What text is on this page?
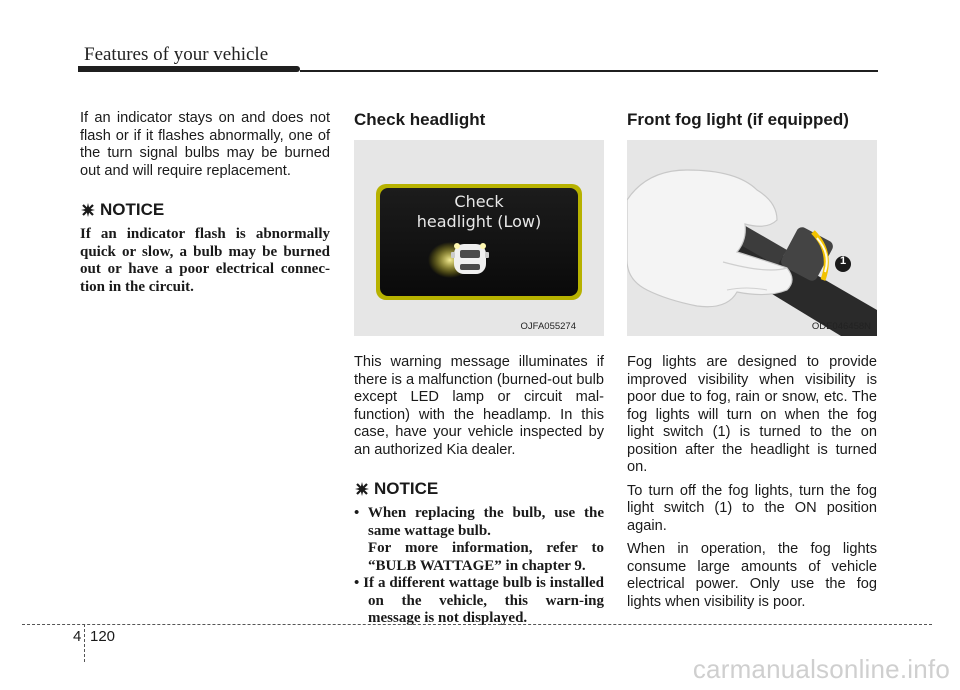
Features of your vehicle

If an indicator stays on and does not flash or if it flashes abnormally, one of the turn signal bulbs may be burned out and will require replacement.

NOTICE

If an indicator flash is abnormally quick or slow, a bulb may be burned out or have a poor electrical connec-tion in the circuit.

Check headlight
Check
headlight (Low)
OJFA055274

This warning message illuminates if there is a malfunction (burned-out bulb except LED lamp or circuit mal-function) with the headlamp. In this case, have your vehicle inspected by an authorized Kia dealer.

NOTICE
• When replacing the bulb, use the same wattage bulb.
For more information, refer to “BULB WATTAGE” in chapter 9.
• If a different wattage bulb is installed on the vehicle, this warn-ing message is not displayed.
Front fog light (if equipped)
1
ODE046458N

Fog lights are designed to provide improved visibility when visibility is poor due to fog, rain or snow, etc. The fog lights will turn on when the fog light switch (1) is turned to the on position after the headlight is turned on.

To turn off the fog lights, turn the fog light switch (1) to the ON position again.

When in operation, the fog lights consume large amounts of vehicle electrical power. Only use the fog lights when visibility is poor.

4 120
carmanualsonline.info
